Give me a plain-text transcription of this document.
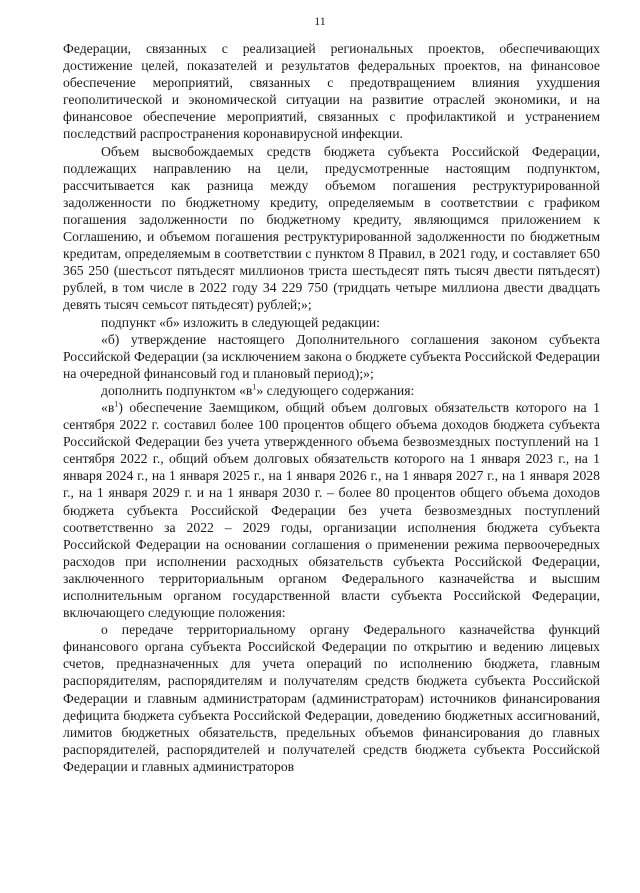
11

Федерации, связанных с реализацией региональных проектов, обеспечивающих достижение целей, показателей и результатов федеральных проектов, на финансовое обеспечение мероприятий, связанных с предотвращением влияния ухудшения геополитической и экономической ситуации на развитие отраслей экономики, и на финансовое обеспечение мероприятий, связанных с профилактикой и устранением последствий распространения коронавирусной инфекции.

Объем высвобождаемых средств бюджета субъекта Российской Федерации, подлежащих направлению на цели, предусмотренные настоящим подпунктом, рассчитывается как разница между объемом погашения реструктурированной задолженности по бюджетному кредиту, определяемым в соответствии с графиком погашения задолженности по бюджетному кредиту, являющимся приложением к Соглашению, и объемом погашения реструктурированной задолженности по бюджетным кредитам, определяемым в соответствии с пунктом 8 Правил, в 2021 году, и составляет 650 365 250 (шестьсот пятьдесят миллионов триста шестьдесят пять тысяч двести пятьдесят) рублей, в том числе в 2022 году 34 229 750 (тридцать четыре миллиона двести двадцать девять тысяч семьсот пятьдесят) рублей;»;

подпункт «б» изложить в следующей редакции:

«б) утверждение настоящего Дополнительного соглашения законом субъекта Российской Федерации (за исключением закона о бюджете субъекта Российской Федерации на очередной финансовый год и плановый период);»;

дополнить подпунктом «$в^1$» следующего содержания:

«$в^1$) обеспечение Заемщиком, общий объем долговых обязательств которого на 1 сентября 2022 г. составил более 100 процентов общего объема доходов бюджета субъекта Российской Федерации без учета утвержденного объема безвозмездных поступлений на 1 сентября 2022 г., общий объем долговых обязательств которого на 1 января 2023 г., на 1 января 2024 г., на 1 января 2025 г., на 1 января 2026 г., на 1 января 2027 г., на 1 января 2028 г., на 1 января 2029 г. и на 1 января 2030 г. – более 80 процентов общего объема доходов бюджета субъекта Российской Федерации без учета безвозмездных поступлений соответственно за 2022 – 2029 годы, организации исполнения бюджета субъекта Российской Федерации на основании соглашения о применении режима первоочередных расходов при исполнении расходных обязательств субъекта Российской Федерации, заключенного территориальным органом Федерального казначейства и высшим исполнительным органом государственной власти субъекта Российской Федерации, включающего следующие положения:

о передаче территориальному органу Федерального казначейства функций финансового органа субъекта Российской Федерации по открытию и ведению лицевых счетов, предназначенных для учета операций по исполнению бюджета, главным распорядителям, распорядителям и получателям средств бюджета субъекта Российской Федерации и главным администраторам (администраторам) источников финансирования дефицита бюджета субъекта Российской Федерации, доведению бюджетных ассигнований, лимитов бюджетных обязательств, предельных объемов финансирования до главных распорядителей, распорядителей и получателей средств бюджета субъекта Российской Федерации и главных администраторов
